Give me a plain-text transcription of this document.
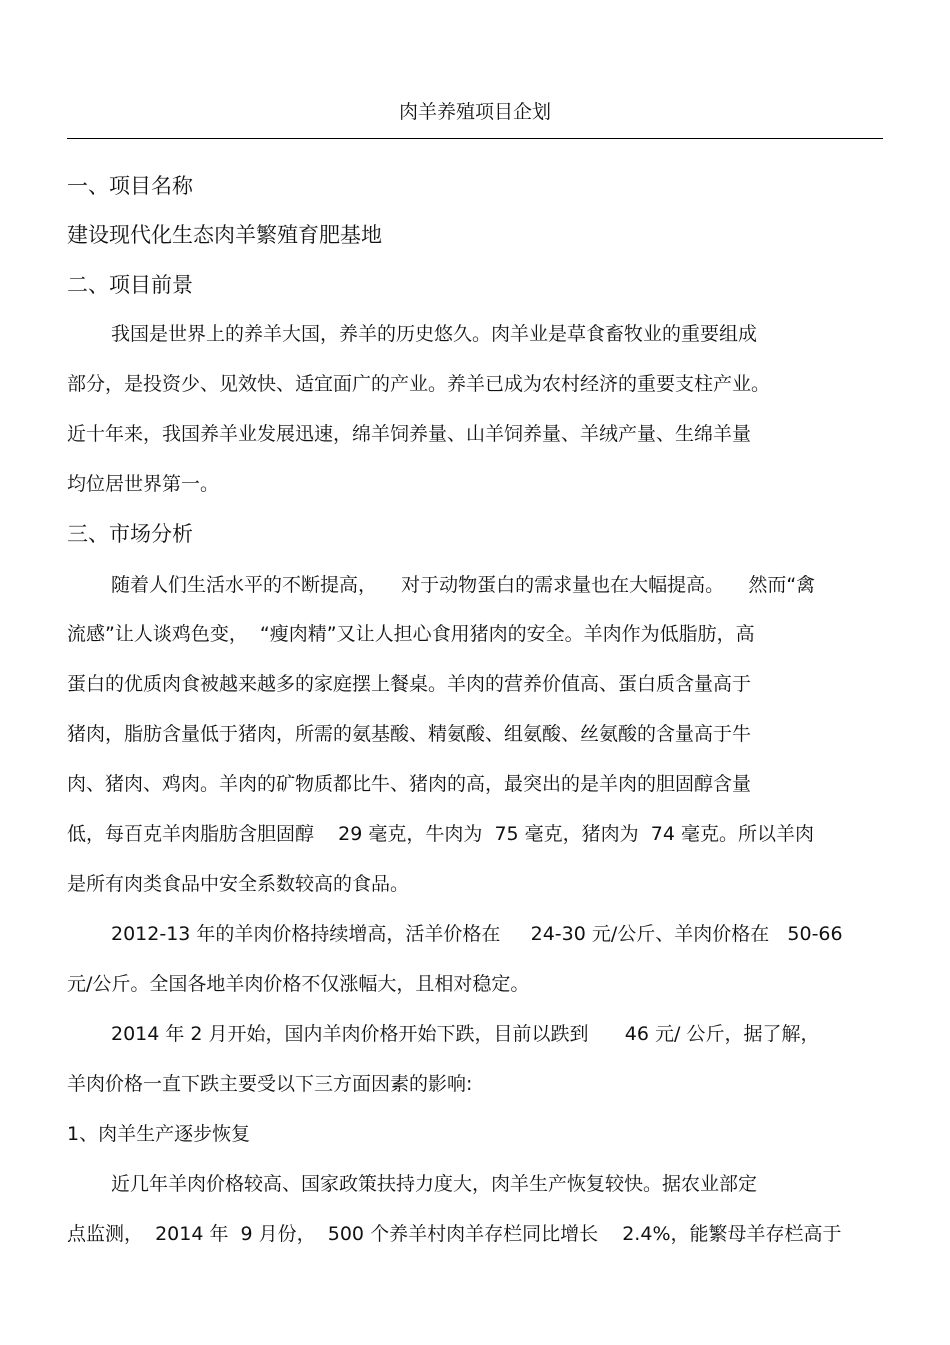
肉羊养殖项目企划
一、项目名称
建设现代化生态肉羊繁殖育肥基地
二、项目前景
我国是世界上的养羊大国，养羊的历史悠久。肉羊业是草食畜牧业的重要组成
部分，是投资少、见效快、适宜面广的产业。养羊已成为农村经济的重要支柱产业。
近十年来，我国养羊业发展迅速，绵羊饲养量、山羊饲养量、羊绒产量、生绵羊量
均位居世界第一。
三、市场分析
随着人们生活水平的不断提高，    对于动物蛋白的需求量也在大幅提高。    然而“禽
流感”让人谈鸡色变，  “瘦肉精”又让人担心食用猪肉的安全。羊肉作为低脂肪，高
蛋白的优质肉食被越来越多的家庭摆上餐桌。羊肉的营养价值高、蛋白质含量高于
猪肉，脂肪含量低于猪肉，所需的氨基酸、精氨酸、组氨酸、丝氨酸的含量高于牛
肉、猪肉、鸡肉。羊肉的矿物质都比牛、猪肉的高，最突出的是羊肉的胆固醇含量
低，每百克羊肉脂肪含胆固醇    29 毫克，牛肉为  75 毫克，猪肉为  74 毫克。所以羊肉
是所有肉类食品中安全系数较高的食品。
2012-13 年的羊肉价格持续增高，活羊价格在     24-30 元/公斤、羊肉价格在   50-66
元/公斤。全国各地羊肉价格不仅涨幅大，且相对稳定。
2014 年 2 月开始，国内羊肉价格开始下跌，目前以跌到      46 元/ 公斤，据了解，
羊肉价格一直下跌主要受以下三方面因素的影响:
1、肉羊生产逐步恢复
近几年羊肉价格较高、国家政策扶持力度大，肉羊生产恢复较快。据农业部定
点监测，  2014 年  9 月份，  500 个养羊村肉羊存栏同比增长    2.4%，能繁母羊存栏高于
